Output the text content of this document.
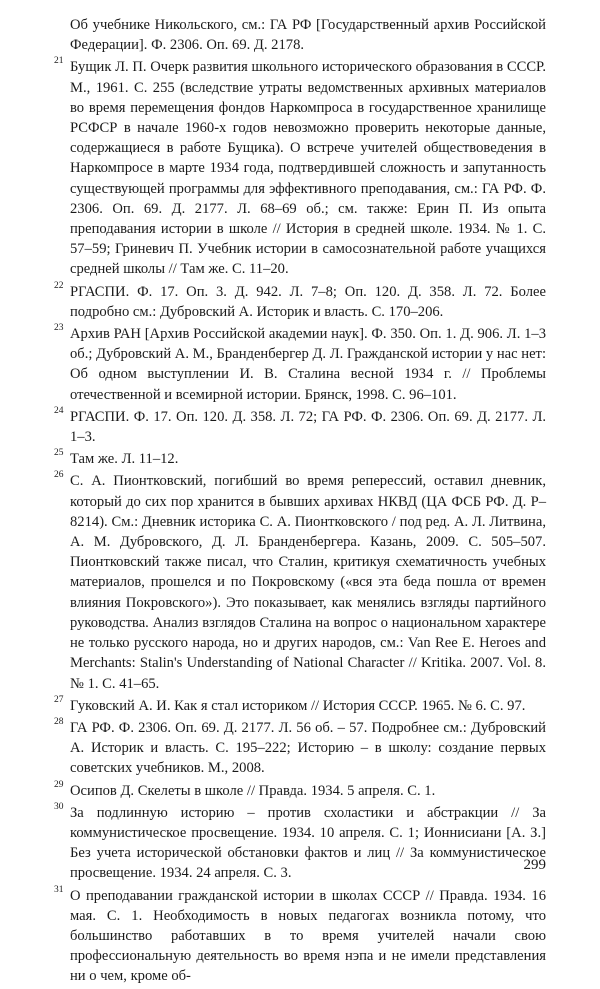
Об учебнике Никольского, см.: ГА РФ [Государственный архив Российской Федерации]. Ф. 2306. Оп. 69. Д. 2178.

21 Бущик Л. П. Очерк развития школьного исторического образования в СССР. М., 1961. С. 255 (вследствие утраты ведомственных архивных материалов во время перемещения фондов Наркомпроса в государственное хранилище РСФСР в начале 1960-х годов невозможно проверить некоторые данные, содержащиеся в работе Бущика). О встрече учителей обществоведения в Наркомпросе в марте 1934 года, подтвердившей сложность и запутанность существующей программы для эффективного преподавания, см.: ГА РФ. Ф. 2306. Оп. 69. Д. 2177. Л. 68–69 об.; см. также: Ерин П. Из опыта преподавания истории в школе // История в средней школе. 1934. № 1. С. 57–59; Гриневич П. Учебник истории в самосознательной работе учащихся средней школы // Там же. С. 11–20.

22 РГАСПИ. Ф. 17. Оп. 3. Д. 942. Л. 7–8; Оп. 120. Д. 358. Л. 72. Более подробно см.: Дубровский А. Историк и власть. С. 170–206.

23 Архив РАН [Архив Российской академии наук]. Ф. 350. Оп. 1. Д. 906. Л. 1–3 об.; Дубровский А. М., Бранденбергер Д. Л. Гражданской истории у нас нет: Об одном выступлении И. В. Сталина весной 1934 г. // Проблемы отечественной и всемирной истории. Брянск, 1998. С. 96–101.

24 РГАСПИ. Ф. 17. Оп. 120. Д. 358. Л. 72; ГА РФ. Ф. 2306. Оп. 69. Д. 2177. Л. 1–3.

25 Там же. Л. 11–12.

26 С. А. Пионтковский, погибший во время реперессий, оставил дневник, который до сих пор хранится в бывших архивах НКВД (ЦА ФСБ РФ. Д. Р–8214). См.: Дневник историка С. А. Пионтковского / под ред. А. Л. Литвина, А. М. Дубровского, Д. Л. Бранденбергера. Казань, 2009. С. 505–507. Пионтковский также писал, что Сталин, критикуя схематичность учебных материалов, прошелся и по Покровскому («вся эта беда пошла от времен влияния Покровского»). Это показывает, как менялись взгляды партийного руководства. Анализ взглядов Сталина на вопрос о национальном характере не только русского народа, но и других народов, см.: Van Ree E. Heroes and Merchants: Stalin's Understanding of National Character // Kritika. 2007. Vol. 8. № 1. С. 41–65.

27 Гуковский А. И. Как я стал историком // История СССР. 1965. № 6. С. 97.

28 ГА РФ. Ф. 2306. Оп. 69. Д. 2177. Л. 56 об. – 57. Подробнее см.: Дубровский А. Историк и власть. С. 195–222; Историю – в школу: создание первых советских учебников. М., 2008.

29 Осипов Д. Скелеты в школе // Правда. 1934. 5 апреля. С. 1.

30 За подлинную историю – против схоластики и абстракции // За коммунистическое просвещение. 1934. 10 апреля. С. 1; Ионнисиани [А. З.] Без учета исторической обстановки фактов и лиц // За коммунистическое просвещение. 1934. 24 апреля. С. 3.

31 О преподавании гражданской истории в школах СССР // Правда. 1934. 16 мая. С. 1. Необходимость в новых педагогах возникла потому, что большинство работавших в то время учителей начали свою профессиональную деятельность во время нэпа и не имели представления ни о чем, кроме об-

299
